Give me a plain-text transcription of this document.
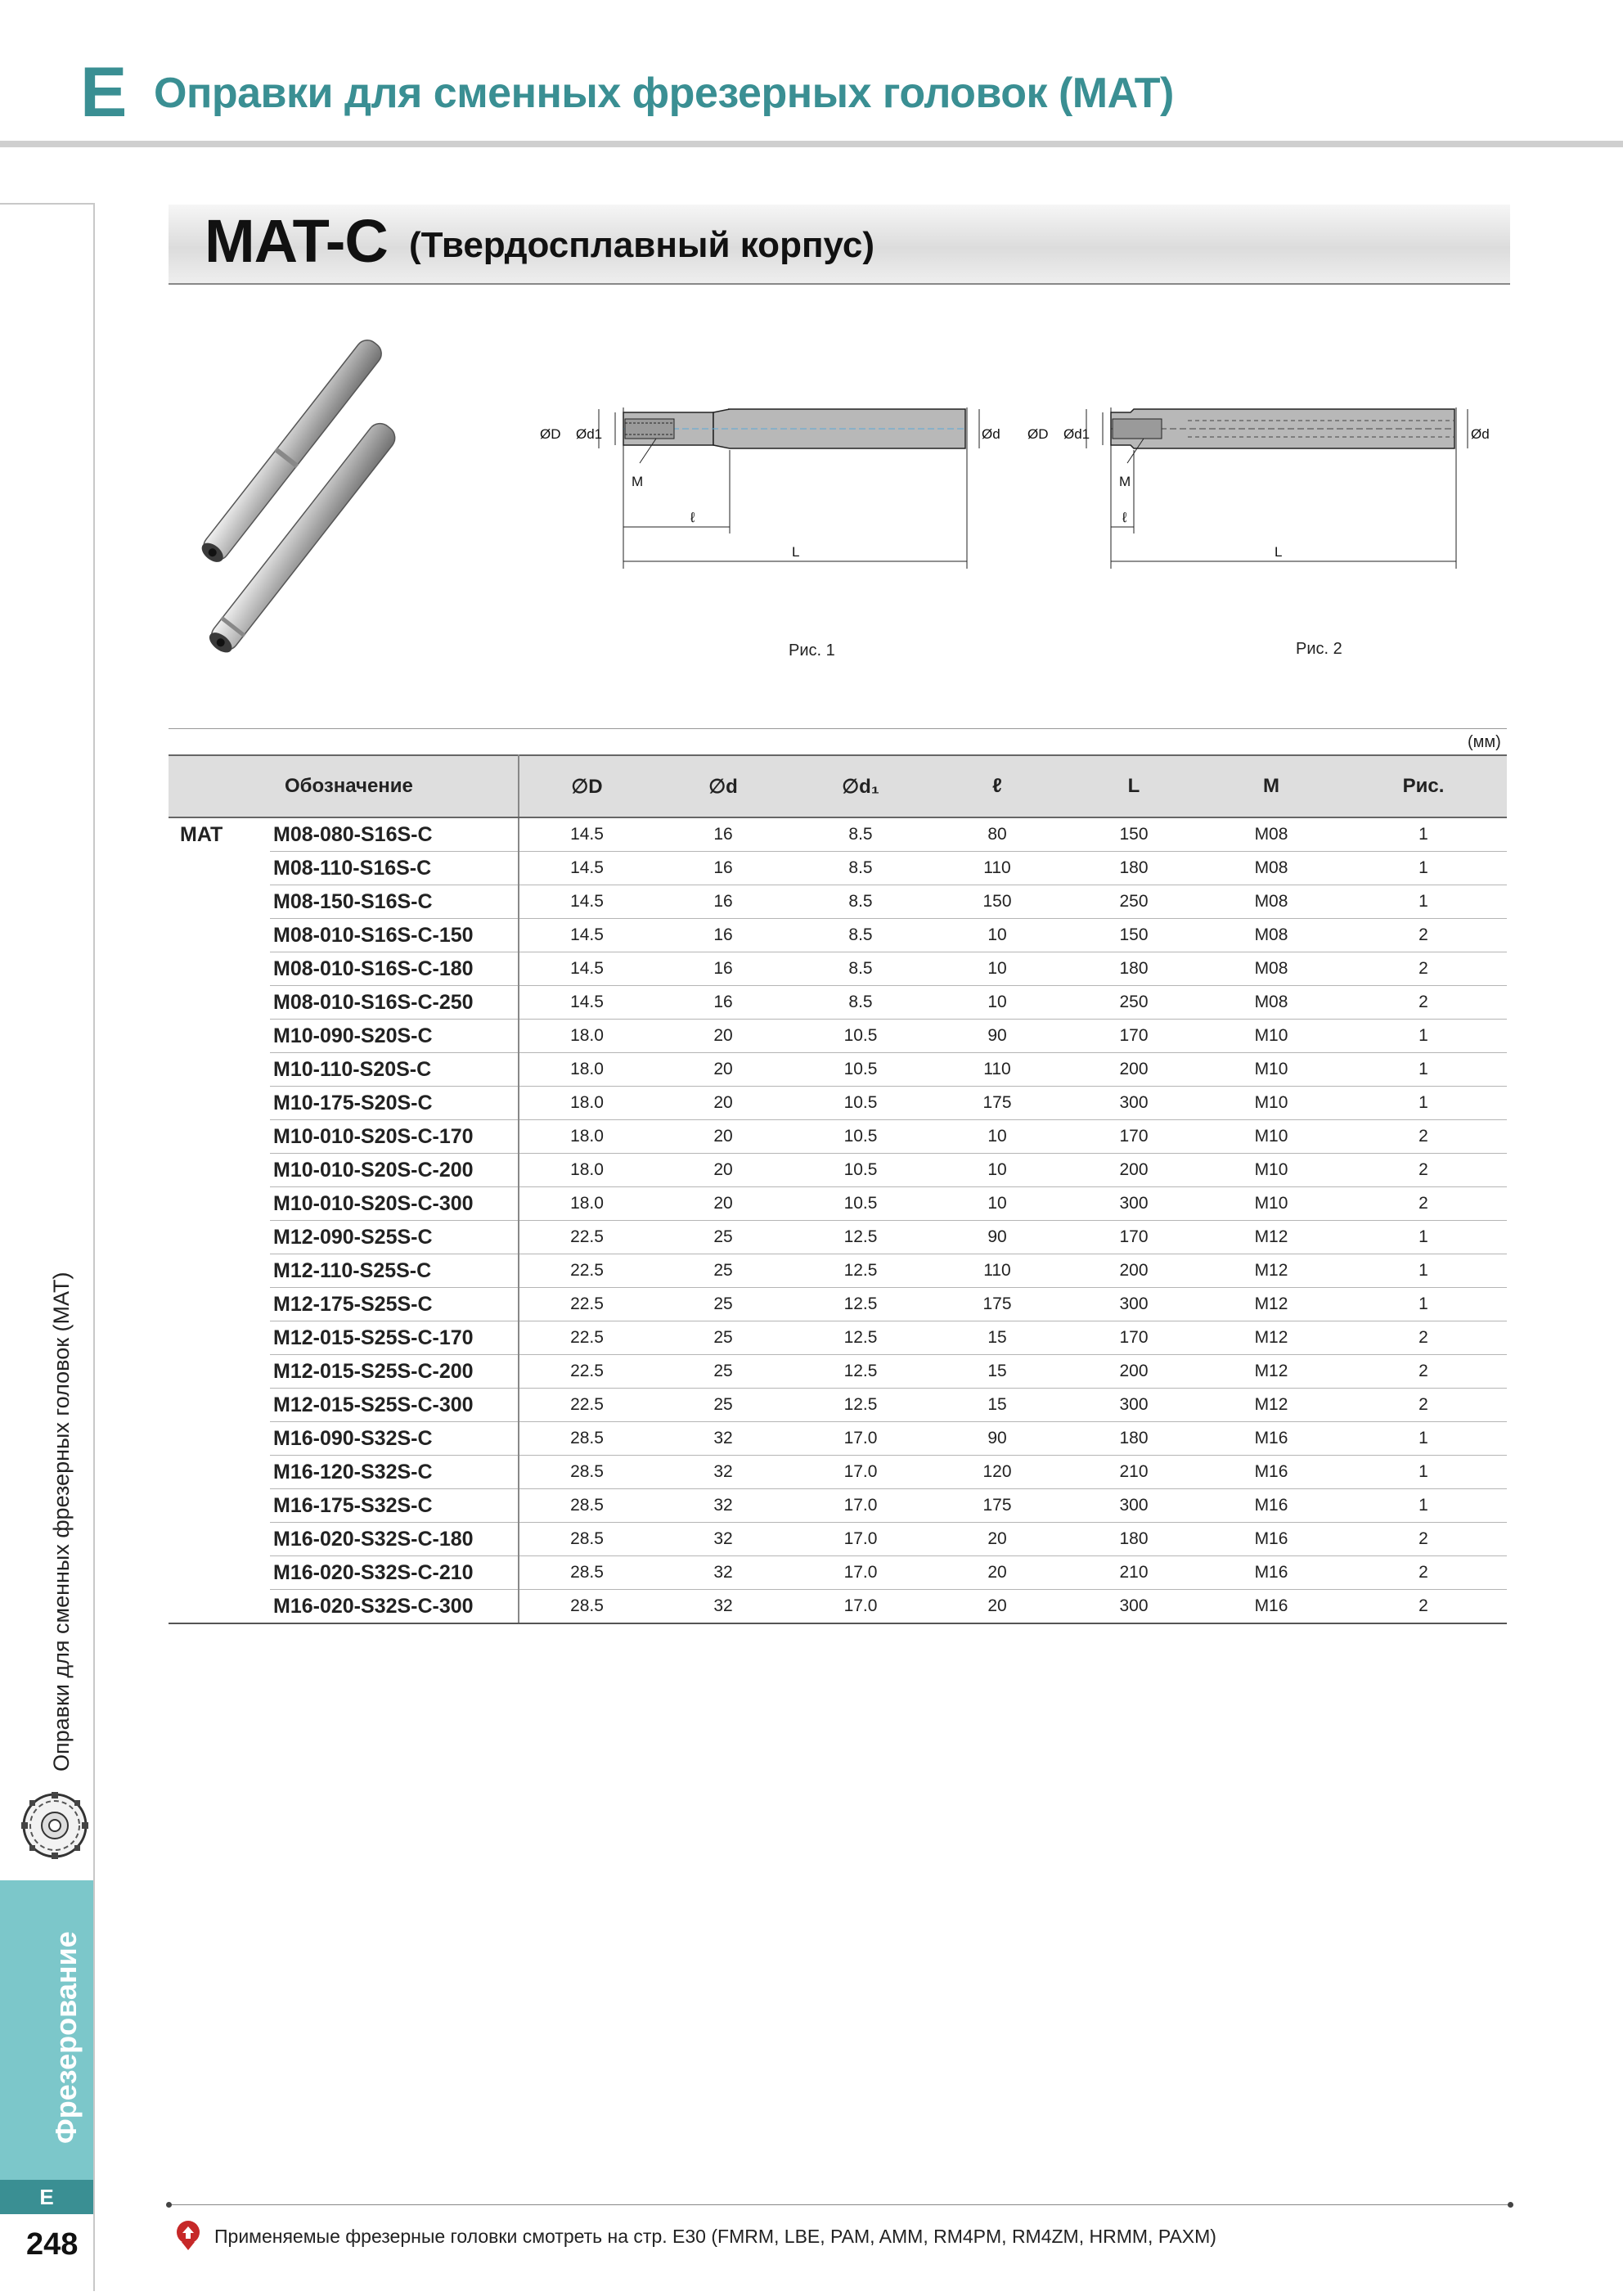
E Оправки для сменных фрезерных головок (MAT)
Оправки для сменных фрезерных головок (MAT)
Фрезерование
E
248
MAT-C (Твердосплавный корпус)
ØD Ød1	Ød
M
ℓ
L
Рис. 1
ØD Ød1	Ød
M
ℓ
L
Рис. 2
(мм)
	Обозначение	∅D	∅d	∅d₁	ℓ	L	M	Рис.
MAT	M08-080-S16S-C	14.5	16	8.5	80	150	M08	1
	M08-110-S16S-C	14.5	16	8.5	110	180	M08	1
	M08-150-S16S-C	14.5	16	8.5	150	250	M08	1
	M08-010-S16S-C-150	14.5	16	8.5	10	150	M08	2
	M08-010-S16S-C-180	14.5	16	8.5	10	180	M08	2
	M08-010-S16S-C-250	14.5	16	8.5	10	250	M08	2
	M10-090-S20S-C	18.0	20	10.5	90	170	M10	1
	M10-110-S20S-C	18.0	20	10.5	110	200	M10	1
	M10-175-S20S-C	18.0	20	10.5	175	300	M10	1
	M10-010-S20S-C-170	18.0	20	10.5	10	170	M10	2
	M10-010-S20S-C-200	18.0	20	10.5	10	200	M10	2
	M10-010-S20S-C-300	18.0	20	10.5	10	300	M10	2
	M12-090-S25S-C	22.5	25	12.5	90	170	M12	1
	M12-110-S25S-C	22.5	25	12.5	110	200	M12	1
	M12-175-S25S-C	22.5	25	12.5	175	300	M12	1
	M12-015-S25S-C-170	22.5	25	12.5	15	170	M12	2
	M12-015-S25S-C-200	22.5	25	12.5	15	200	M12	2
	M12-015-S25S-C-300	22.5	25	12.5	15	300	M12	2
	M16-090-S32S-C	28.5	32	17.0	90	180	M16	1
	M16-120-S32S-C	28.5	32	17.0	120	210	M16	1
	M16-175-S32S-C	28.5	32	17.0	175	300	M16	1
	M16-020-S32S-C-180	28.5	32	17.0	20	180	M16	2
	M16-020-S32S-C-210	28.5	32	17.0	20	210	M16	2
	M16-020-S32S-C-300	28.5	32	17.0	20	300	M16	2
Применяемые фрезерные головки смотреть на стр. E30 (FMRM, LBE, PAM, AMM, RM4PM, RM4ZM, HRMM, PAXM)
